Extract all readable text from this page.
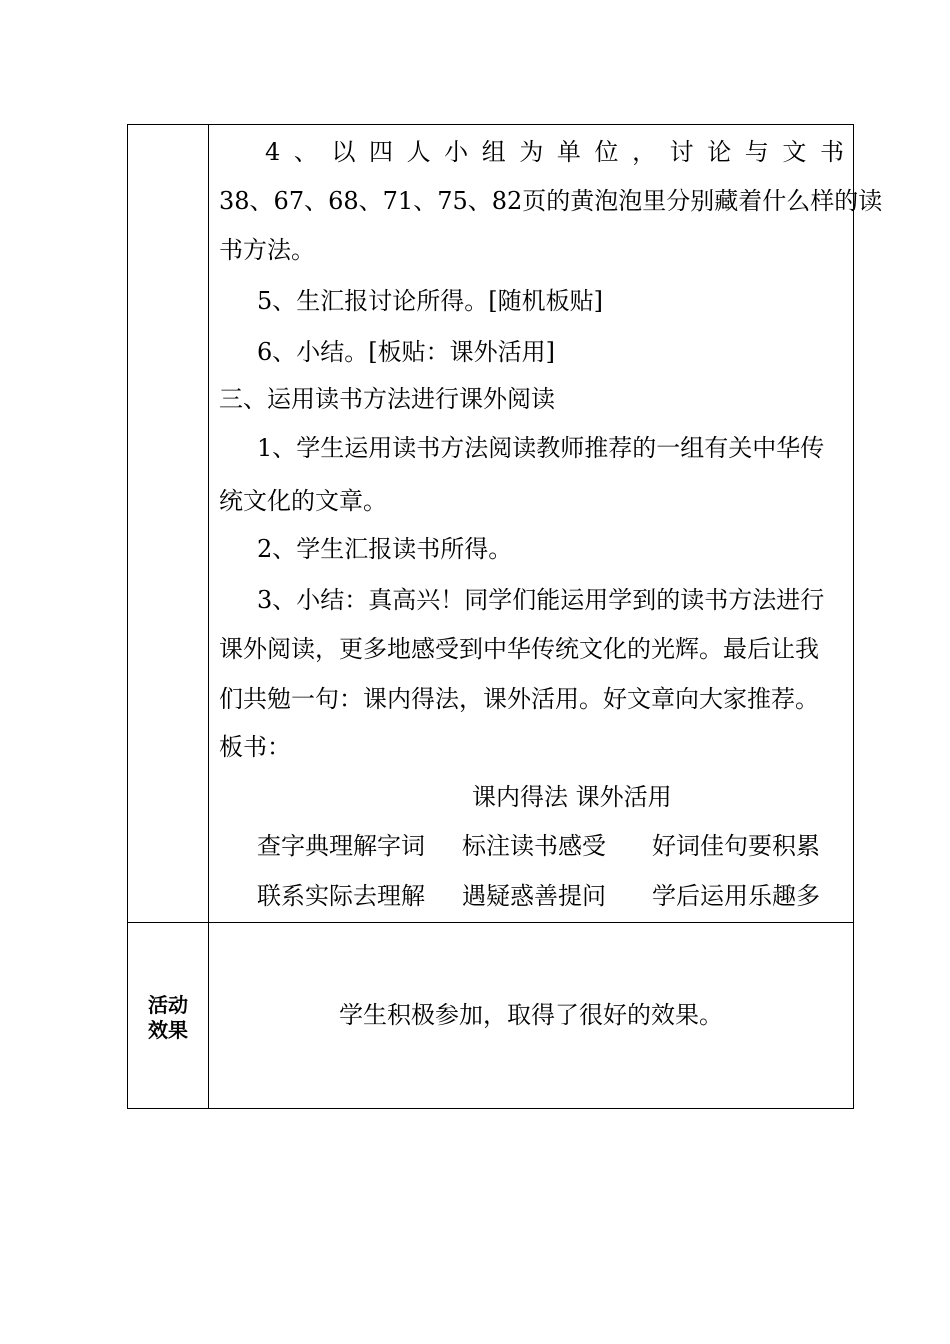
4 、 以 四 人 小 组 为 单 位 ， 讨 论 与 文 书
38 、 67 、 68 、 71 、 75 、 82 页 的 黄 泡 泡 里 分 别 藏 着 什 么 样 的 读
书方法。
5、生汇报讨论所得。[随机板贴]
6、小结。[板贴：课外活用]
三、运用读书方法进行课外阅读
1、学生运用读书方法阅读教师推荐的一组有关中华传
统文化的文章。
2、学生汇报读书所得。
3、小结：真高兴！同学们能运用学到的读书方法进行
课外阅读，更多地感受到中华传统文化的光辉。最后让我
们共勉一句：课内得法，课外活用。好文章向大家推荐。
板书：
课内得法 课外活用
查字典理解字词 标注读书感受 好词佳句要积累
联系实际去理解 遇疑惑善提问 学后运用乐趣多
活动
效果
学生积极参加，取得了很好的效果。
